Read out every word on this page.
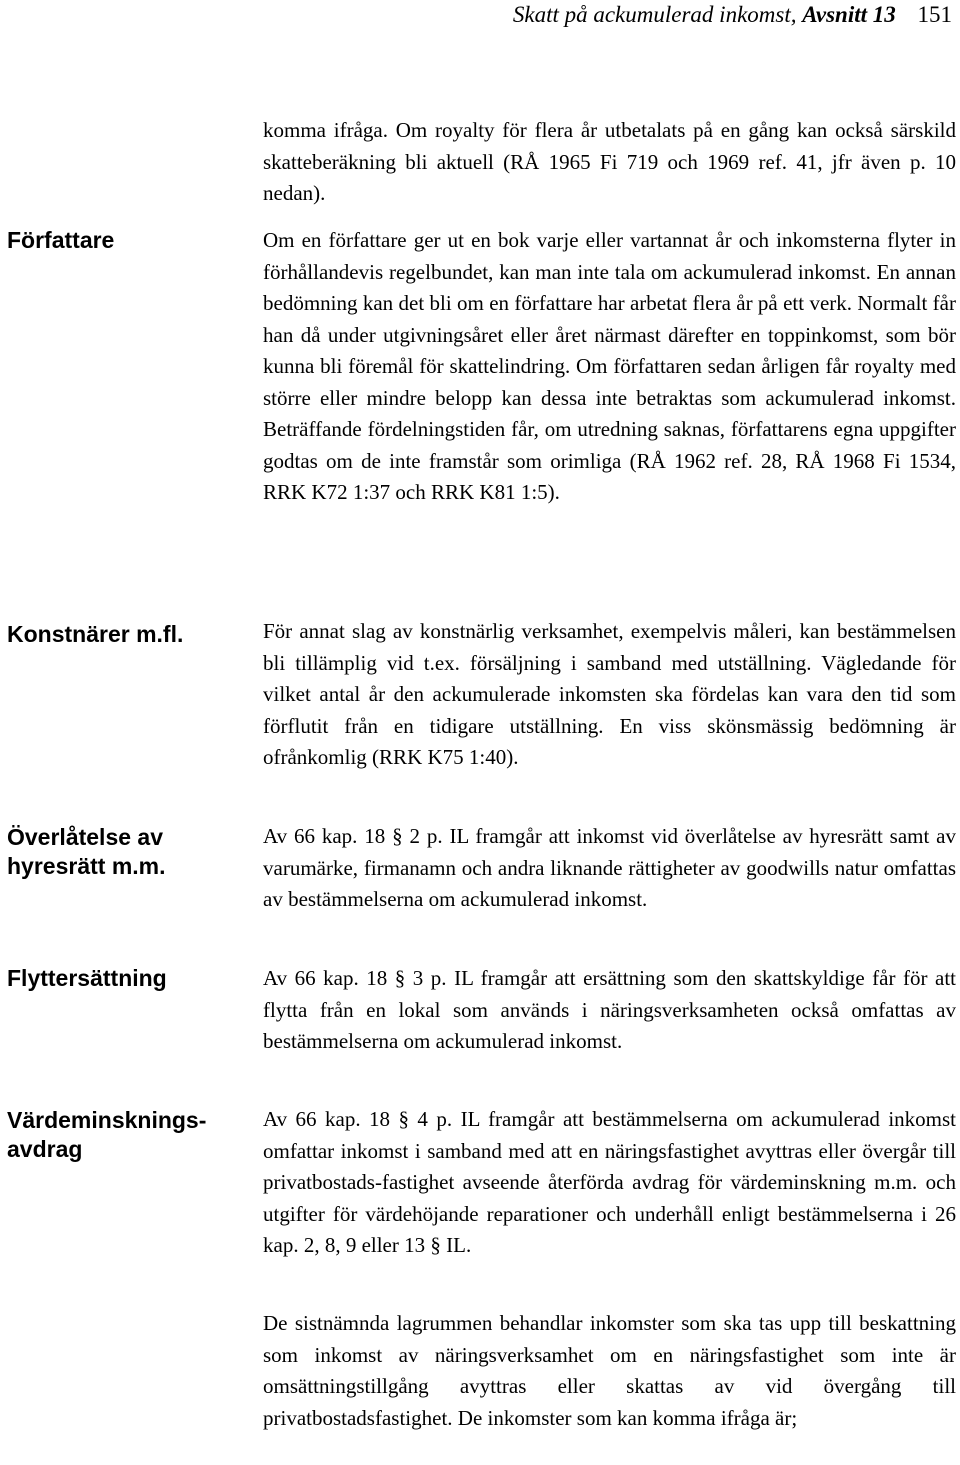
Skatt på ackumulerad inkomst, Avsnitt 13 151
Författare
Konstnärer m.fl.
Överlåtelse av
hyresrätt m.m.
Flyttersättning
Värdeminsknings-
avdrag

komma ifråga. Om royalty för flera år utbetalats på en gång kan också särskild skatteberäkning bli aktuell (RÅ 1965 Fi 719 och 1969 ref. 41, jfr även p. 10 nedan).

Om en författare ger ut en bok varje eller vartannat år och inkomsterna flyter in förhållandevis regelbundet, kan man inte tala om ackumulerad inkomst. En annan bedömning kan det bli om en författare har arbetat flera år på ett verk. Normalt får han då under utgivningsåret eller året närmast därefter en toppinkomst, som bör kunna bli föremål för skattelindring. Om författaren sedan årligen får royalty med större eller mindre belopp kan dessa inte betraktas som ackumulerad inkomst. Beträffande fördelningstiden får, om utredning saknas, författarens egna uppgifter godtas om de inte framstår som orimliga (RÅ 1962 ref. 28, RÅ 1968 Fi 1534, RRK K72 1:37 och RRK K81 1:5).

För annat slag av konstnärlig verksamhet, exempelvis måleri, kan bestämmelsen bli tillämplig vid t.ex. försäljning i samband med utställning. Vägledande för vilket antal år den ackumulerade inkomsten ska fördelas kan vara den tid som förflutit från en tidigare utställning. En viss skönsmässig bedömning är ofrånkomlig (RRK K75 1:40).

Av 66 kap. 18 § 2 p. IL framgår att inkomst vid överlåtelse av hyresrätt samt av varumärke, firmanamn och andra liknande rättigheter av goodwills natur omfattas av bestämmelserna om ackumulerad inkomst.

Av 66 kap. 18 § 3 p. IL framgår att ersättning som den skattskyldige får för att flytta från en lokal som används i näringsverksamheten också omfattas av bestämmelserna om ackumulerad inkomst.

Av 66 kap. 18 § 4 p. IL framgår att bestämmelserna om ackumulerad inkomst omfattar inkomst i samband med att en näringsfastighet avyttras eller övergår till privatbostads-fastighet avseende återförda avdrag för värdeminskning m.m. och utgifter för värdehöjande reparationer och underhåll enligt bestämmelserna i 26 kap. 2, 8, 9 eller 13 § IL.

De sistnämnda lagrummen behandlar inkomster som ska tas upp till beskattning som inkomst av näringsverksamhet om en näringsfastighet som inte är omsättningstillgång avyttras eller skattas av vid övergång till privatbostadsfastighet. De inkomster som kan komma ifråga är;
